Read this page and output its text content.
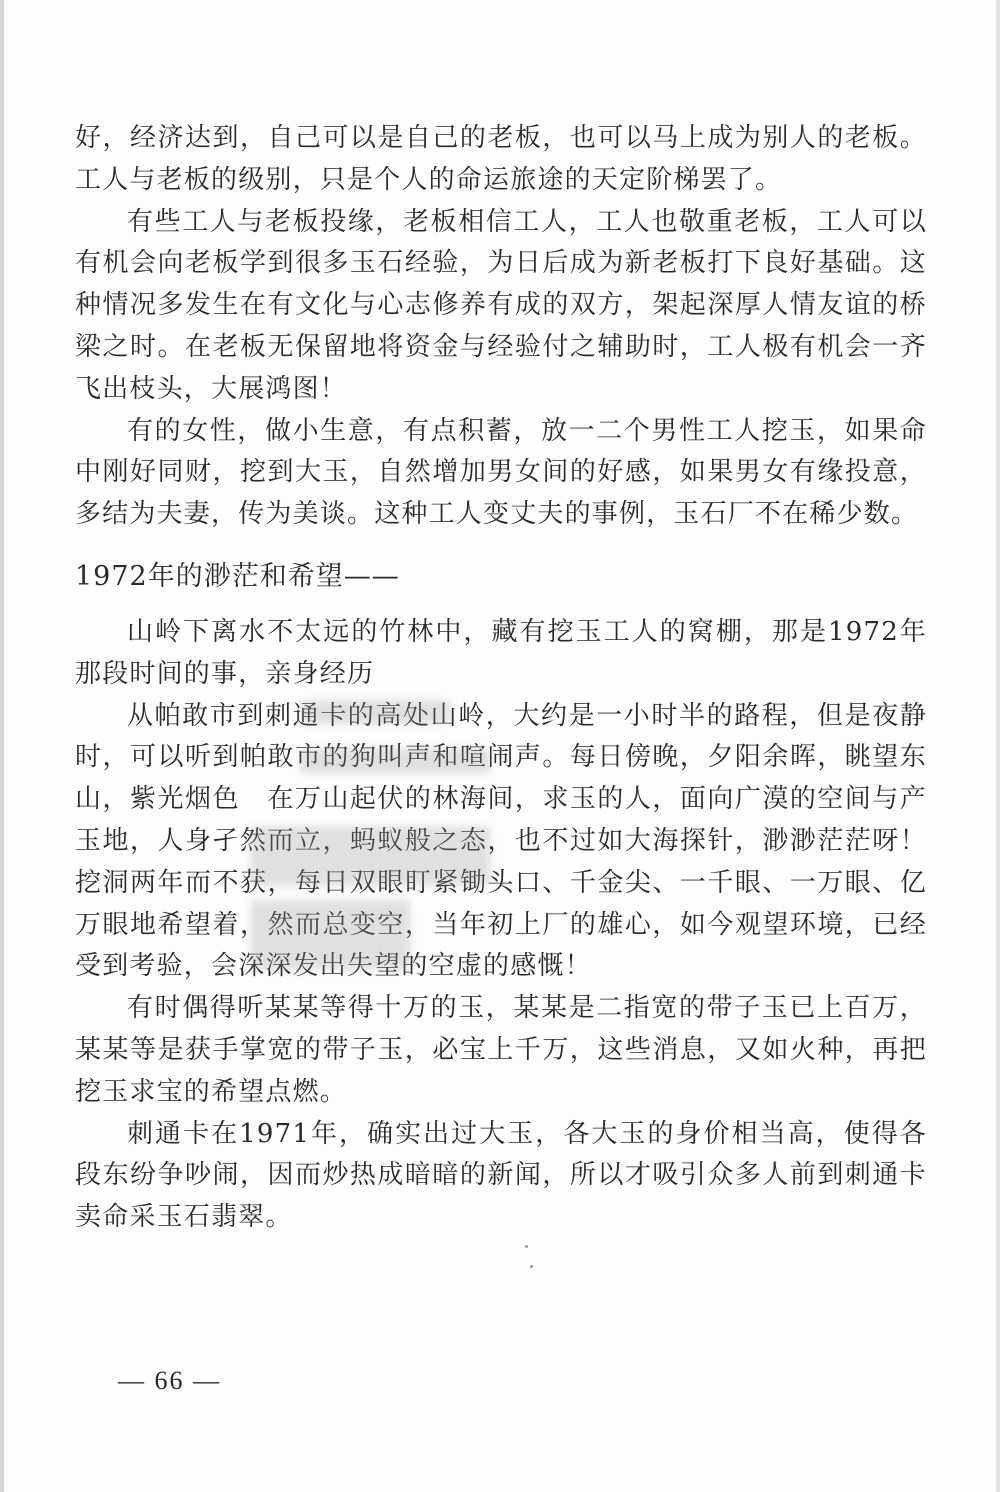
好，经济达到，自己可以是自己的老板，也可以马上成为别人的老板。工人与老板的级别，只是个人的命运旅途的天定阶梯罢了。

有些工人与老板投缘，老板相信工人，工人也敬重老板，工人可以有机会向老板学到很多玉石经验，为日后成为新老板打下良好基础。这种情况多发生在有文化与心志修养有成的双方，架起深厚人情友谊的桥梁之时。在老板无保留地将资金与经验付之辅助时，工人极有机会一齐飞出枝头，大展鸿图！

有的女性，做小生意，有点积蓄，放一二个男性工人挖玉，如果命中刚好同财，挖到大玉，自然增加男女间的好感，如果男女有缘投意，多结为夫妻，传为美谈。这种工人变丈夫的事例，玉石厂不在稀少数。

1972年的渺茫和希望——

山岭下离水不太远的竹林中，藏有挖玉工人的窝棚，那是1972年那段时间的事，亲身经历

从帕敢市到刺通卡的高处山岭，大约是一小时半的路程，但是夜静时，可以听到帕敢市的狗叫声和喧闹声。每日傍晚，夕阳余晖，眺望东山，紫光烟色　在万山起伏的林海间，求玉的人，面向广漠的空间与产玉地，人身孑然而立，蚂蚁般之态，也不过如大海探针，渺渺茫茫呀！挖洞两年而不获，每日双眼盯紧锄头口、千金尖、一千眼、一万眼、亿万眼地希望着，然而总变空，当年初上厂的雄心，如今观望环境，已经受到考验，会深深发出失望的空虚的感慨！

有时偶得听某某等得十万的玉，某某是二指宽的带子玉已上百万，某某等是获手掌宽的带子玉，必宝上千万，这些消息，又如火种，再把挖玉求宝的希望点燃。

刺通卡在1971年，确实出过大玉，各大玉的身价相当高，使得各段东纷争吵闹，因而炒热成暗暗的新闻，所以才吸引众多人前到刺通卡卖命采玉石翡翠。

— 66 —
